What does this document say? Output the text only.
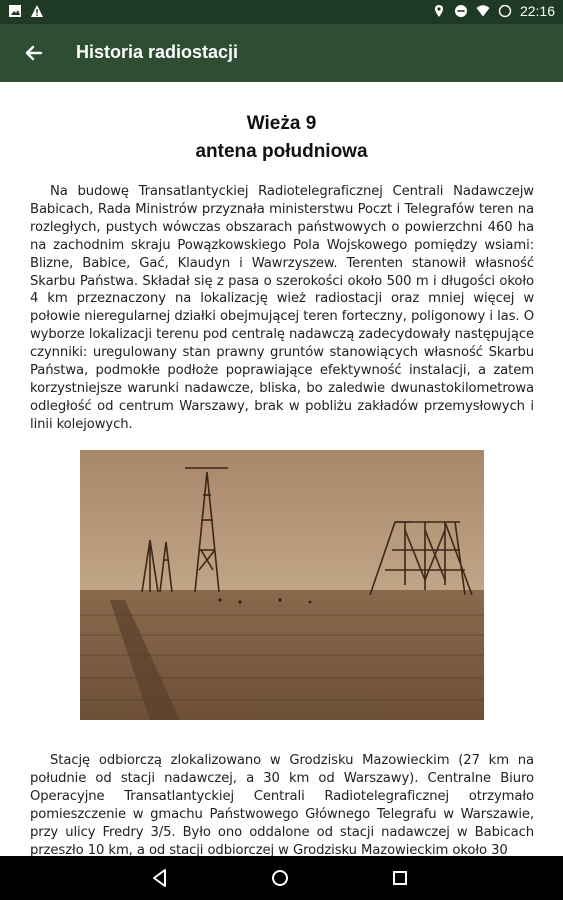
22:16
Historia radiostacji
Wieża 9
antena południowa
Na budowę Transatlantyckiej Radiotelegraficznej Centrali Nadawczejw Babicach, Rada Ministrów przyznała ministerstwu Poczt i Telegrafów teren na rozległych, pustych wówczas obszarach państwowych o powierzchni 460 ha na zachodnim skraju Powązkowskiego Pola Wojskowego pomiędzy wsiami: Blizne, Babice, Gać, Klaudyn i Wawrzyszew. Terenten stanowił własność Skarbu Państwa. Składał się z pasa o szerokości około 500 m i długości około 4 km przeznaczony na lokalizację wież radiostacji oraz mniej więcej w połowie nieregularnej działki obejmującej teren forteczny, poligonowy i las. O wyborze lokalizacji terenu pod centralę nadawczą zadecydowały następujące czynniki: uregulowany stan prawny gruntów stanowiących własność Skarbu Państwa, podmokłe podłoże poprawiające efektywność instalacji, a zatem korzystniejsze warunki nadawcze, bliska, bo zaledwie dwunastokilometrowa odległość od centrum Warszawy, brak w pobliżu zakładów przemysłowych i linii kolejowych.
Stację odbiorczą zlokalizowano w Grodzisku Mazowieckim (27 km na południe od stacji nadawczej, a 30 km od Warszawy). Centralne Biuro Operacyjne Transatlantyckiej Centrali Radiotelegraficznej otrzymało pomieszczenie w gmachu Państwowego Głównego Telegrafu w Warszawie, przy ulicy Fredry 3/5. Było ono oddalone od stacji nadawczej w Babicach przeszło 10 km, a od stacji odbiorczej w Grodzisku Mazowieckim około 30
